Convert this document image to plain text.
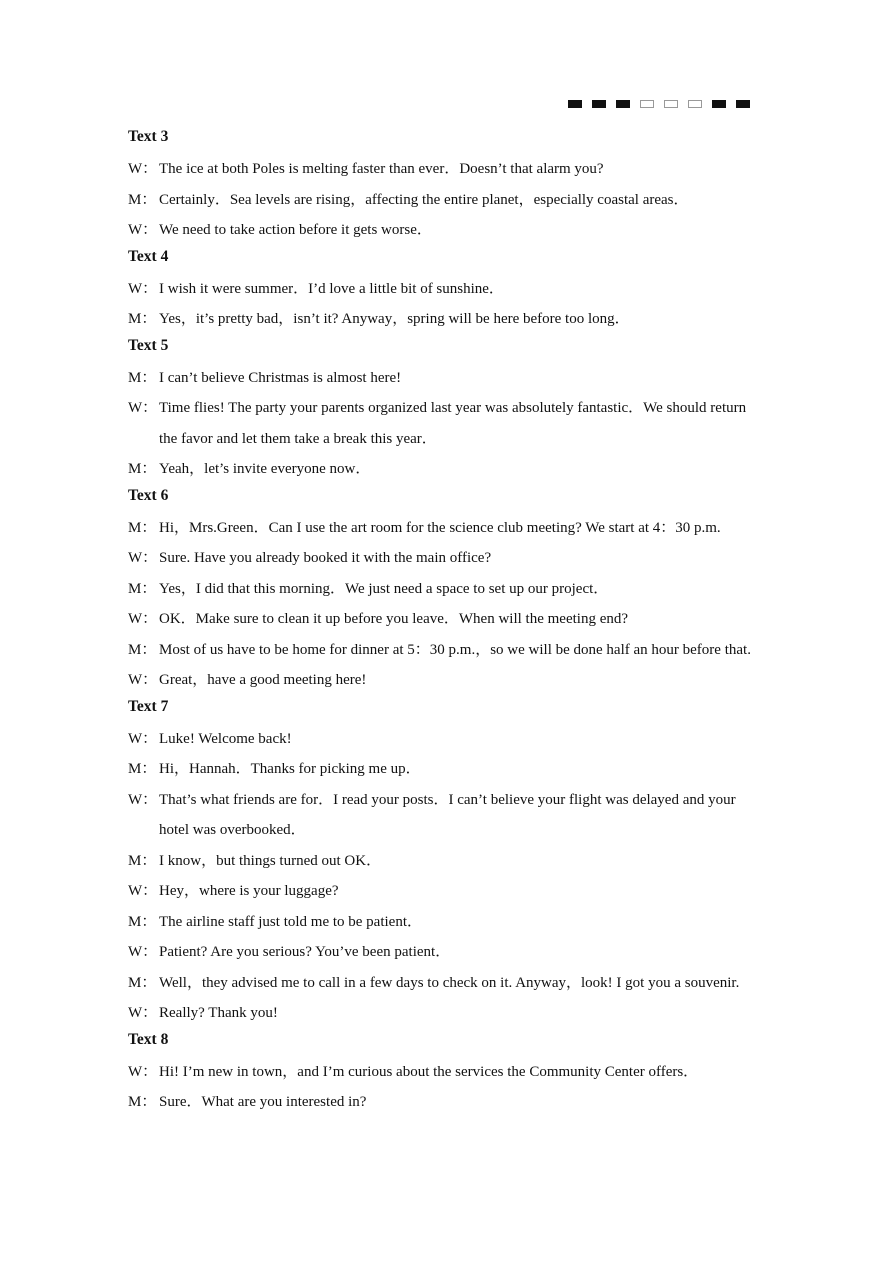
Text 3
W： The ice at both Poles is melting faster than ever．Doesn’t that alarm you?
M： Certainly．Sea levels are rising，affecting the entire planet，especially coastal areas．
W： We need to take action before it gets worse．
Text 4
W： I wish it were summer．I’d love a little bit of sunshine．
M： Yes，it’s pretty bad，isn’t it? Anyway，spring will be here before too long．
Text 5
M： I can’t believe Christmas is almost here!
W： Time flies! The party your parents organized last year was absolutely fantastic．We should return the favor and let them take a break this year．
M： Yeah，let’s invite everyone now．
Text 6
M： Hi，Mrs.Green．Can I use the art room for the science club meeting? We start at 4：30 p.m.
W： Sure. Have you already booked it with the main office?
M： Yes，I did that this morning．We just need a space to set up our project．
W： OK．Make sure to clean it up before you leave．When will the meeting end?
M： Most of us have to be home for dinner at 5：30 p.m.，so we will be done half an hour before that.
W： Great，have a good meeting here!
Text 7
W： Luke! Welcome back!
M： Hi，Hannah．Thanks for picking me up．
W： That’s what friends are for．I read your posts．I can’t believe your flight was delayed and your hotel was overbooked．
M： I know，but things turned out OK．
W： Hey，where is your luggage?
M： The airline staff just told me to be patient．
W： Patient? Are you serious? You’ve been patient．
M： Well，they advised me to call in a few days to check on it. Anyway，look! I got you a souvenir.
W： Really? Thank you!
Text 8
W： Hi! I’m new in town，and I’m curious about the services the Community Center offers．
M： Sure．What are you interested in?
